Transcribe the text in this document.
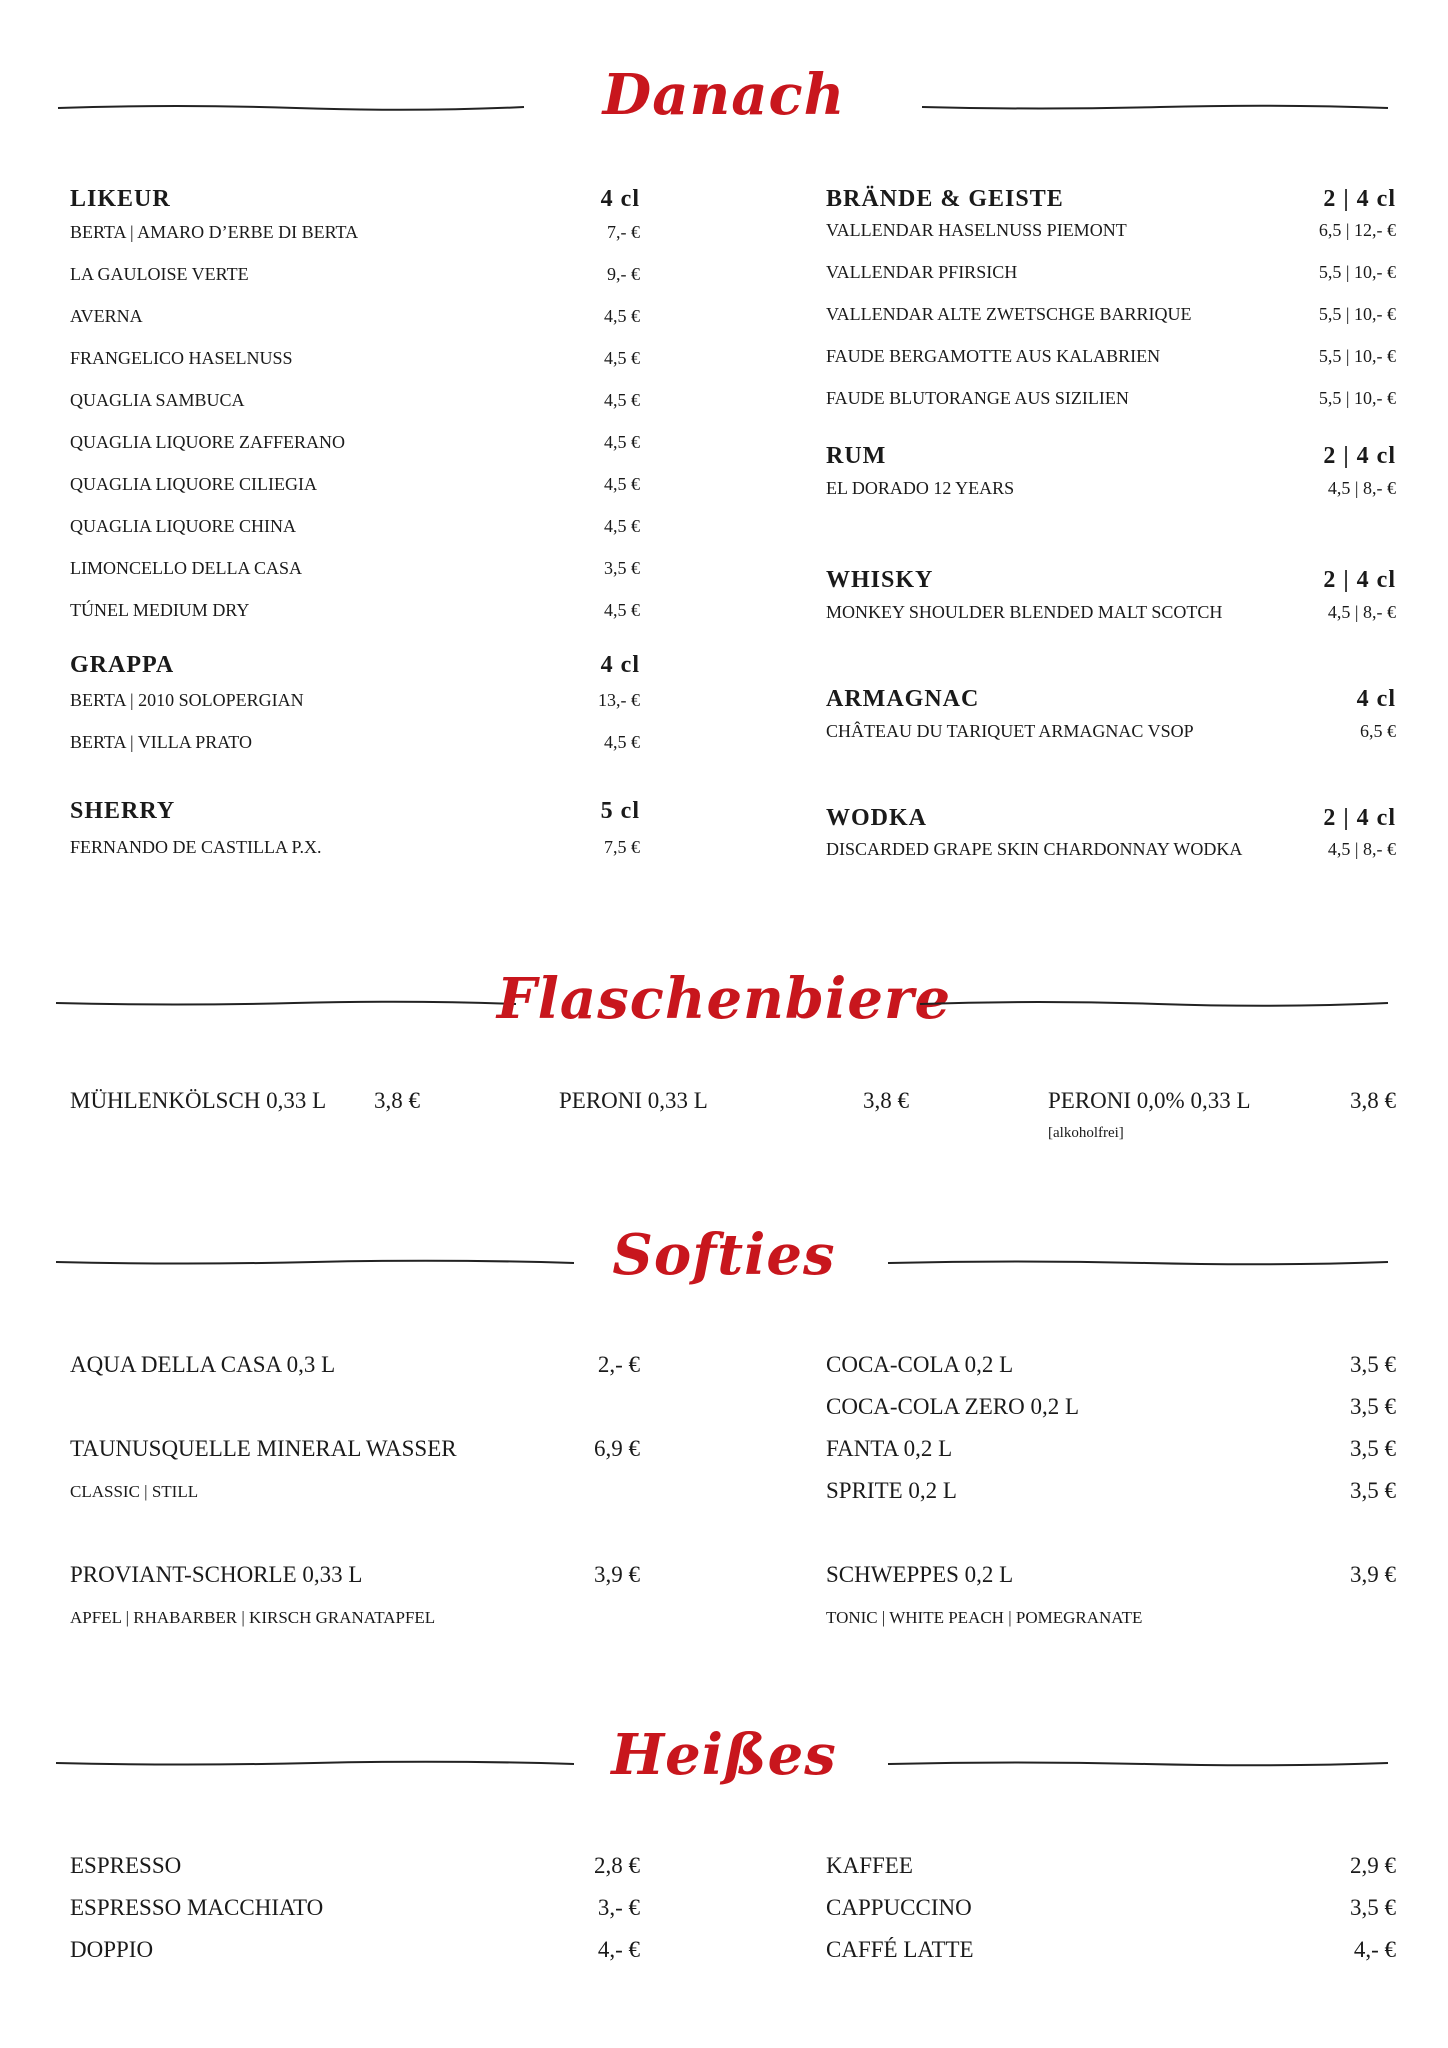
Danach
LIKEUR	4 cl
BERTA | AMARO D’ERBE DI BERTA	7,- €
LA GAULOISE VERTE	9,- €
AVERNA	4,5 €
FRANGELICO HASELNUSS	4,5 €
QUAGLIA SAMBUCA	4,5 €
QUAGLIA LIQUORE ZAFFERANO	4,5 €
QUAGLIA LIQUORE CILIEGIA	4,5 €
QUAGLIA LIQUORE CHINA	4,5 €
LIMONCELLO DELLA CASA	3,5 €
TÚNEL MEDIUM DRY	4,5 €
GRAPPA	4 cl
BERTA | 2010 SOLOPERGIAN	13,- €
BERTA | VILLA PRATO	4,5 €
SHERRY	5 cl
FERNANDO DE CASTILLA P.X.	7,5 €
BRÄNDE & GEISTE	2 | 4 cl
VALLENDAR HASELNUSS PIEMONT	6,5 | 12,- €
VALLENDAR PFIRSICH	5,5 | 10,- €
VALLENDAR ALTE ZWETSCHGE BARRIQUE	5,5 | 10,- €
FAUDE BERGAMOTTE AUS KALABRIEN	5,5 | 10,- €
FAUDE BLUTORANGE AUS SIZILIEN	5,5 | 10,- €
RUM	2 | 4 cl
EL DORADO 12 YEARS	4,5 | 8,- €
WHISKY	2 | 4 cl
MONKEY SHOULDER BLENDED MALT SCOTCH	4,5 | 8,- €
ARMAGNAC	4 cl
CHÂTEAU DU TARIQUET ARMAGNAC VSOP	6,5 €
WODKA	2 | 4 cl
DISCARDED GRAPE SKIN CHARDONNAY WODKA	4,5 | 8,- €
Flaschenbiere
MÜHLENKÖLSCH 0,33 L 3,8 €	PERONI 0,33 L	3,8 €	PERONI 0,0% 0,33 L	3,8 €
[alkoholfrei]
Softies
AQUA DELLA CASA 0,3 L	2,- €
TAUNUSQUELLE MINERAL WASSER	6,9 €
CLASSIC | STILL
PROVIANT-SCHORLE 0,33 L	3,9 €
APFEL | RHABARBER | KIRSCH GRANATAPFEL
COCA-COLA 0,2 L	3,5 €
COCA-COLA ZERO 0,2 L	3,5 €
FANTA 0,2 L	3,5 €
SPRITE 0,2 L	3,5 €
SCHWEPPES 0,2 L	3,9 €
TONIC | WHITE PEACH | POMEGRANATE
Heißes
ESPRESSO	2,8 €
ESPRESSO MACCHIATO	3,- €
DOPPIO	4,- €
KAFFEE	2,9 €
CAPPUCCINO	3,5 €
CAFFÉ LATTE	4,- €
